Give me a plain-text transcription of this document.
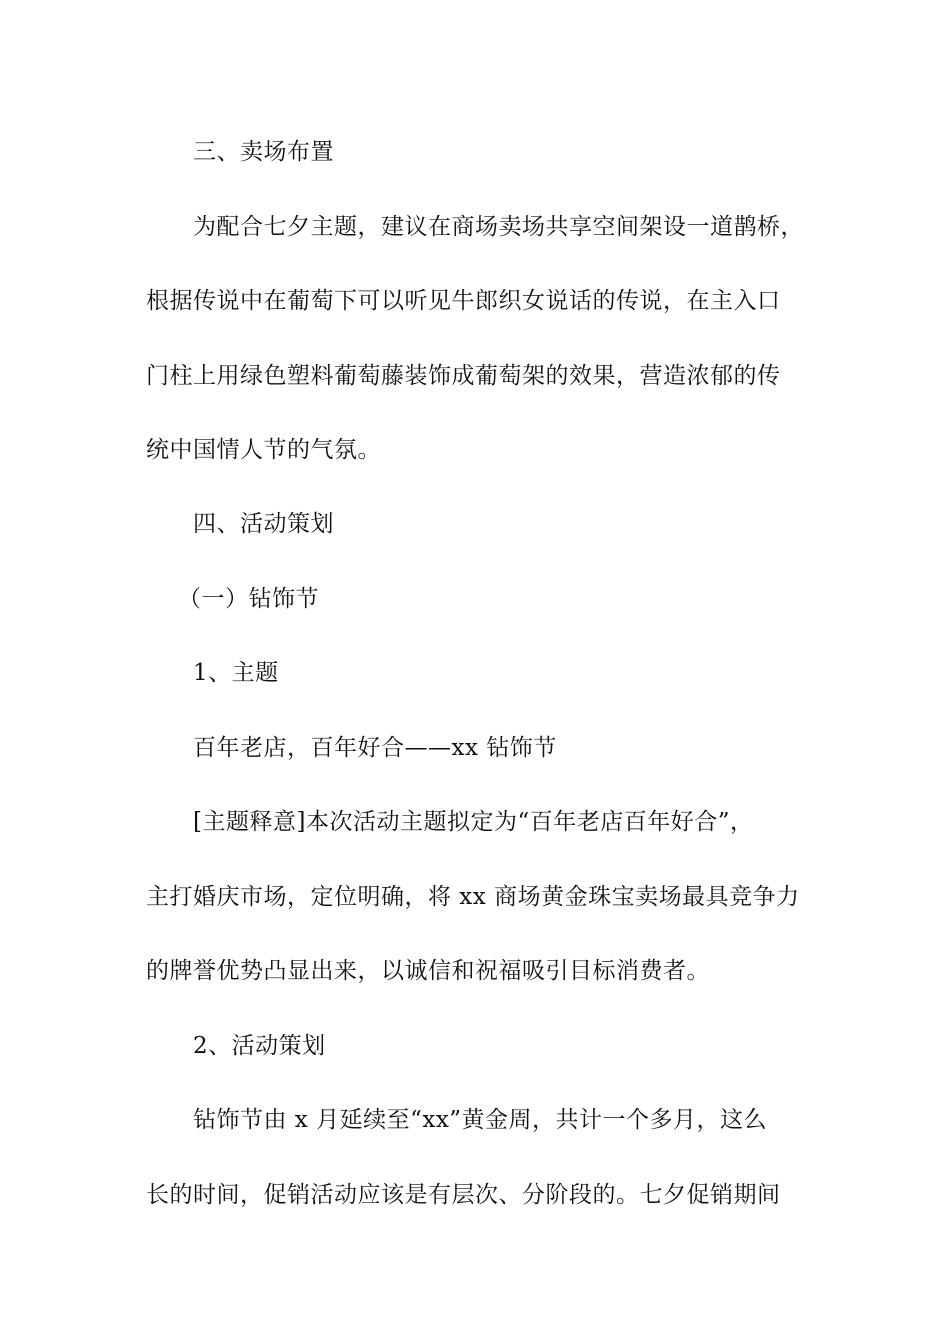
三、卖场布置
为配合七夕主题，建议在商场卖场共享空间架设一道鹊桥，
根据传说中在葡萄下可以听见牛郎织女说话的传说，在主入口
门柱上用绿色塑料葡萄藤装饰成葡萄架的效果，营造浓郁的传
统中国情人节的气氛。
四、活动策划
（一）钻饰节
1、主题
百年老店，百年好合——xx 钻饰节
[主题释意]本次活动主题拟定为“百年老店百年好合”，
主打婚庆市场，定位明确，将 xx 商场黄金珠宝卖场最具竞争力
的牌誉优势凸显出来，以诚信和祝福吸引目标消费者。
2、活动策划
钻饰节由 x 月延续至“xx”黄金周，共计一个多月，这么
长的时间，促销活动应该是有层次、分阶段的。七夕促销期间
